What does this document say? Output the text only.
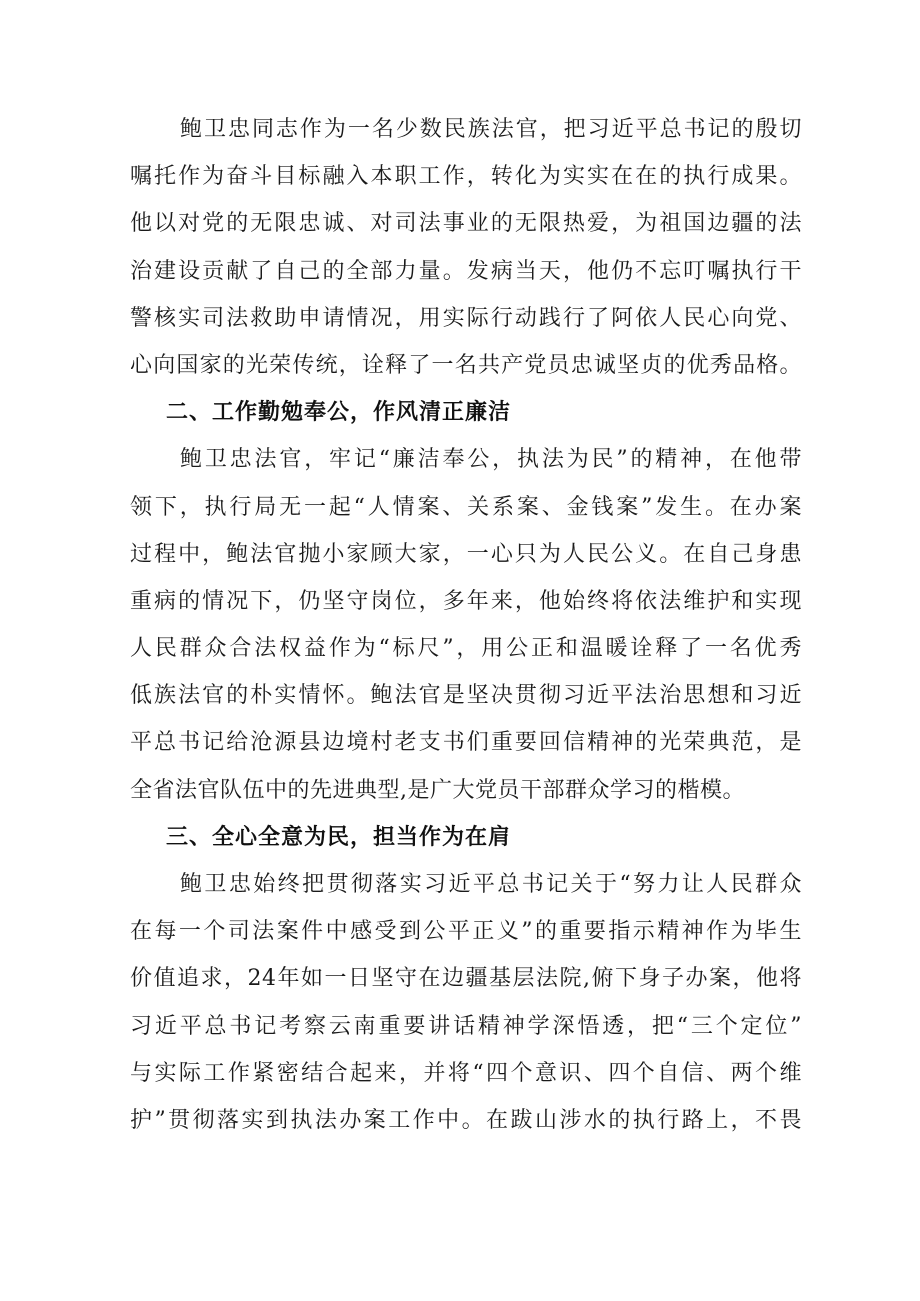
鲍卫忠同志作为一名少数民族法官，把习近平总书记的殷切
嘱托作为奋斗目标融入本职工作，转化为实实在在的执行成果。
他以对党的无限忠诚、对司法事业的无限热爱，为祖国边疆的法
治建设贡献了自己的全部力量。发病当天，他仍不忘叮嘱执行干
警核实司法救助申请情况，用实际行动践行了阿依人民心向党、
心向国家的光荣传统，诠释了一名共产党员忠诚坚贞的优秀品格。
二、工作勤勉奉公，作风清正廉洁
鲍卫忠法官，牢记“廉洁奉公，执法为民”的精神，在他带
领下，执行局无一起“人情案、关系案、金钱案”发生。在办案
过程中，鲍法官抛小家顾大家，一心只为人民公义。在自己身患
重病的情况下，仍坚守岗位，多年来，他始终将依法维护和实现
人民群众合法权益作为“标尺”，用公正和温暖诠释了一名优秀
低族法官的朴实情怀。鲍法官是坚决贯彻习近平法治思想和习近
平总书记给沧源县边境村老支书们重要回信精神的光荣典范，是
全省法官队伍中的先进典型,是广大党员干部群众学习的楷模。
三、全心全意为民，担当作为在肩
鲍卫忠始终把贯彻落实习近平总书记关于“努力让人民群众
在每一个司法案件中感受到公平正义”的重要指示精神作为毕生
价值追求，24年如一日坚守在边疆基层法院,俯下身子办案，他将
习近平总书记考察云南重要讲话精神学深悟透，把“三个定位”
与实际工作紧密结合起来，并将“四个意识、四个自信、两个维
护”贯彻落实到执法办案工作中。在跋山涉水的执行路上，不畏
